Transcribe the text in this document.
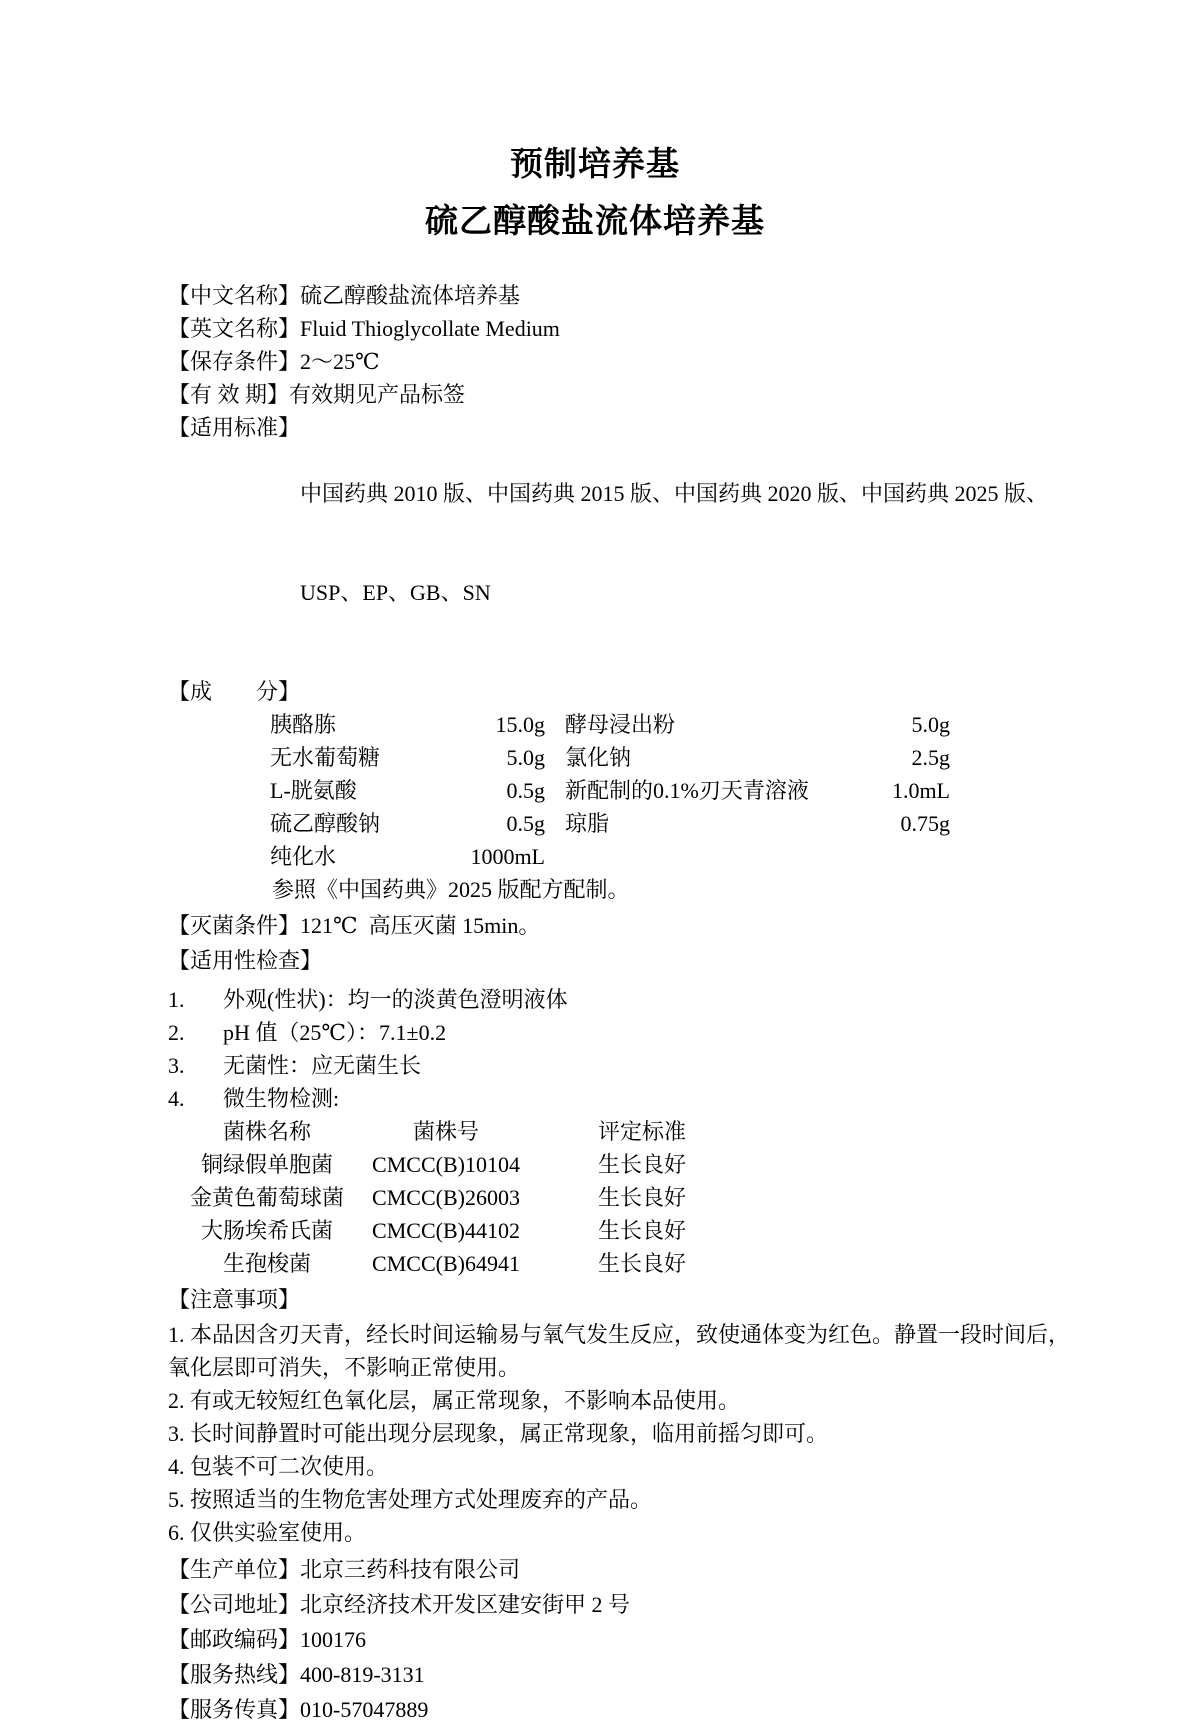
预制培养基
硫乙醇酸盐流体培养基
【中文名称】 硫乙醇酸盐流体培养基
【英文名称】 Fluid Thioglycollate Medium
【保存条件】 2～25℃
【有 效 期】 有效期见产品标签
【适用标准】

中国药典 2010 版、中国药典 2015 版、中国药典 2020 版、中国药典 2025 版、

USP、EP、GB、SN

【成　　分】
胰酪胨	15.0g 酵母浸出粉	5.0g
无水葡萄糖	5.0g 氯化钠	2.5g
L-胱氨酸	0.5g 新配制的0.1%刃天青溶液	1.0mL
硫乙醇酸钠	0.5g 琼脂	0.75g
纯化水	1000mL
参照《中国药典》2025 版配方配制。
【灭菌条件】 121℃  高压灭菌 15min。
【适用性检查】
1.	外观(性状)：均一的淡黄色澄明液体
2.	pH 值（25℃）：7.1±0.2
3.	无菌性：应无菌生长
4.	微生物检测:
菌株名称	菌株号	评定标准
铜绿假单胞菌	CMCC(B)10104	生长良好
金黄色葡萄球菌	CMCC(B)26003	生长良好
大肠埃希氏菌	CMCC(B)44102	生长良好
生孢梭菌	CMCC(B)64941	生长良好
【注意事项】
1. 本品因含刃天青，经长时间运输易与氧气发生反应，致使通体变为红色。静置一段时间后，
氧化层即可消失，不影响正常使用。
2. 有或无较短红色氧化层，属正常现象，不影响本品使用。
3. 长时间静置时可能出现分层现象，属正常现象，临用前摇匀即可。
4. 包装不可二次使用。
5. 按照适当的生物危害处理方式处理废弃的产品。
6. 仅供实验室使用。
【生产单位】 北京三药科技有限公司
【公司地址】 北京经济技术开发区建安街甲 2 号
【邮政编码】 100176
【服务热线】 400-819-3131
【服务传真】 010-57047889
